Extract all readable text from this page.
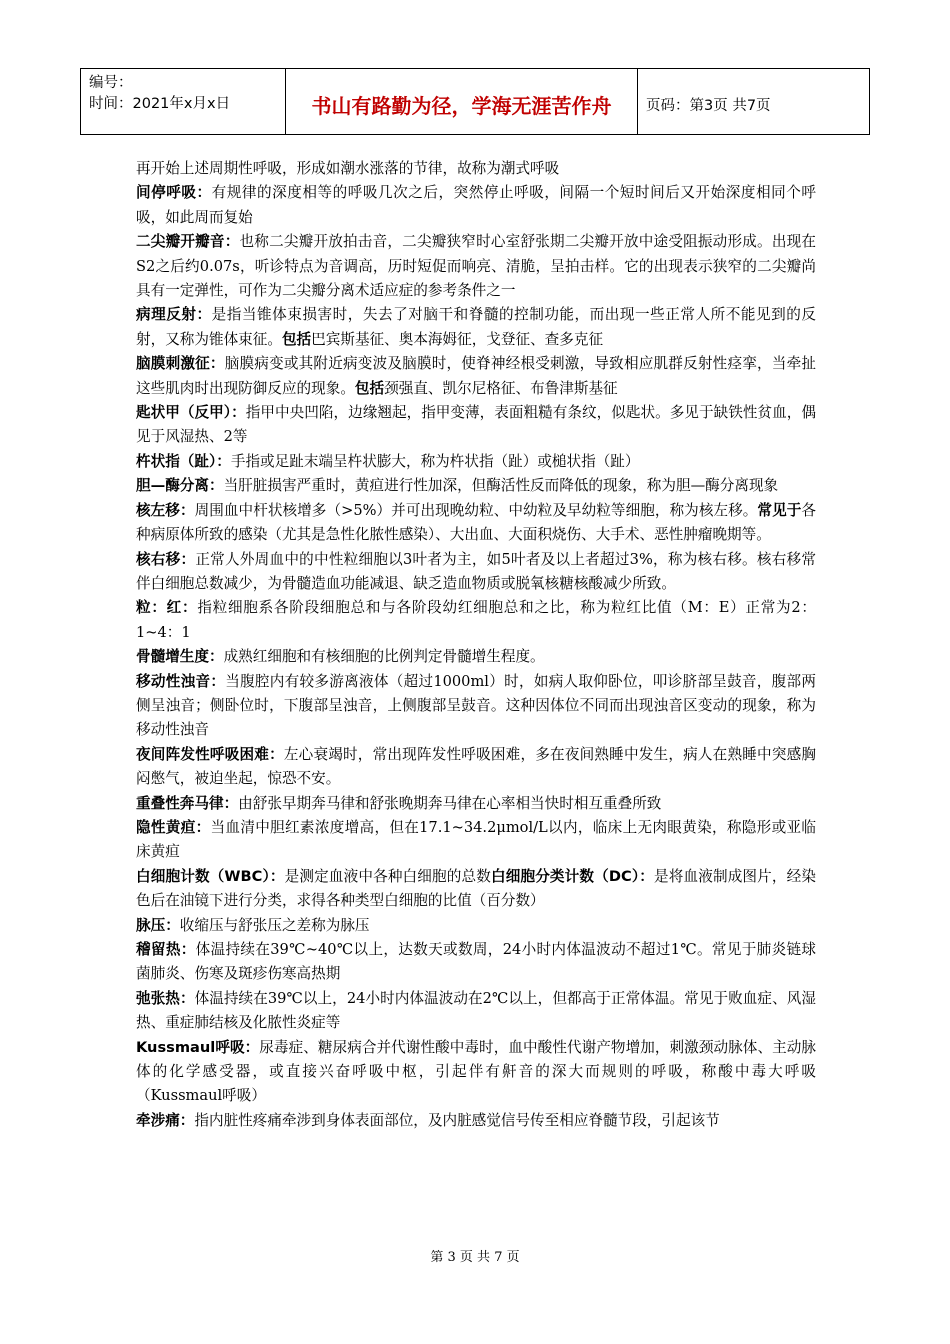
编号：
时间：2021年x月x日	书山有路勤为径，学海无涯苦作舟	页码：第3页 共7页

再开始上述周期性呼吸，形成如潮水涨落的节律，故称为潮式呼吸

间停呼吸：有规律的深度相等的呼吸几次之后，突然停止呼吸，间隔一个短时间后又开始深度相同个呼吸，如此周而复始

二尖瓣开瓣音：也称二尖瓣开放拍击音，二尖瓣狭窄时心室舒张期二尖瓣开放中途受阻振动形成。出现在S2之后约0.07s，听诊特点为音调高，历时短促而响亮、清脆，呈拍击样。它的出现表示狭窄的二尖瓣尚具有一定弹性，可作为二尖瓣分离术适应症的参考条件之一

病理反射：是指当锥体束损害时，失去了对脑干和脊髓的控制功能，而出现一些正常人所不能见到的反射，又称为锥体束征。包括巴宾斯基征、奥本海姆征，戈登征、查多克征

脑膜刺激征：脑膜病变或其附近病变波及脑膜时，使脊神经根受刺激，导致相应肌群反射性痉挛，当牵扯这些肌肉时出现防御反应的现象。包括颈强直、凯尔尼格征、布鲁津斯基征

匙状甲（反甲）：指甲中央凹陷，边缘翘起，指甲变薄，表面粗糙有条纹，似匙状。多见于缺铁性贫血，偶见于风湿热、2等

杵状指（趾）：手指或足趾末端呈杵状膨大，称为杵状指（趾）或槌状指（趾）

胆—酶分离：当肝脏损害严重时，黄疸进行性加深，但酶活性反而降低的现象，称为胆—酶分离现象

核左移：周围血中杆状核增多（>5%）并可出现晚幼粒、中幼粒及早幼粒等细胞，称为核左移。常见于各种病原体所致的感染（尤其是急性化脓性感染）、大出血、大面积烧伤、大手术、恶性肿瘤晚期等。

核右移：正常人外周血中的中性粒细胞以3叶者为主，如5叶者及以上者超过3%，称为核右移。核右移常伴白细胞总数减少，为骨髓造血功能减退、缺乏造血物质或脱氧核糖核酸减少所致。

粒：红：指粒细胞系各阶段细胞总和与各阶段幼红细胞总和之比，称为粒红比值（M：E）正常为2：1~4：1

骨髓增生度：成熟红细胞和有核细胞的比例判定骨髓增生程度。

移动性浊音：当腹腔内有较多游离液体（超过1000ml）时，如病人取仰卧位，叩诊脐部呈鼓音，腹部两侧呈浊音；侧卧位时，下腹部呈浊音，上侧腹部呈鼓音。这种因体位不同而出现浊音区变动的现象，称为移动性浊音

夜间阵发性呼吸困难：左心衰竭时，常出现阵发性呼吸困难，多在夜间熟睡中发生，病人在熟睡中突感胸闷憋气，被迫坐起，惊恐不安。

重叠性奔马律：由舒张早期奔马律和舒张晚期奔马律在心率相当快时相互重叠所致

隐性黄疸：当血清中胆红素浓度增高，但在17.1~34.2μmol/L以内，临床上无肉眼黄染，称隐形或亚临床黄疸

白细胞计数（WBC）：是测定血液中各种白细胞的总数白细胞分类计数（DC）：是将血液制成图片，经染色后在油镜下进行分类，求得各种类型白细胞的比值（百分数）

脉压：收缩压与舒张压之差称为脉压

稽留热：体温持续在39℃~40℃以上，达数天或数周，24小时内体温波动不超过1℃。常见于肺炎链球菌肺炎、伤寒及斑疹伤寒高热期

弛张热：体温持续在39℃以上，24小时内体温波动在2℃以上，但都高于正常体温。常见于败血症、风湿热、重症肺结核及化脓性炎症等

Kussmaul呼吸：尿毒症、糖尿病合并代谢性酸中毒时，血中酸性代谢产物增加，刺激颈动脉体、主动脉体的化学感受器，或直接兴奋呼吸中枢，引起伴有鼾音的深大而规则的呼吸，称酸中毒大呼吸（Kussmaul呼吸）

牵涉痛：指内脏性疼痛牵涉到身体表面部位，及内脏感觉信号传至相应脊髓节段，引起该节

第 3 页 共 7 页
